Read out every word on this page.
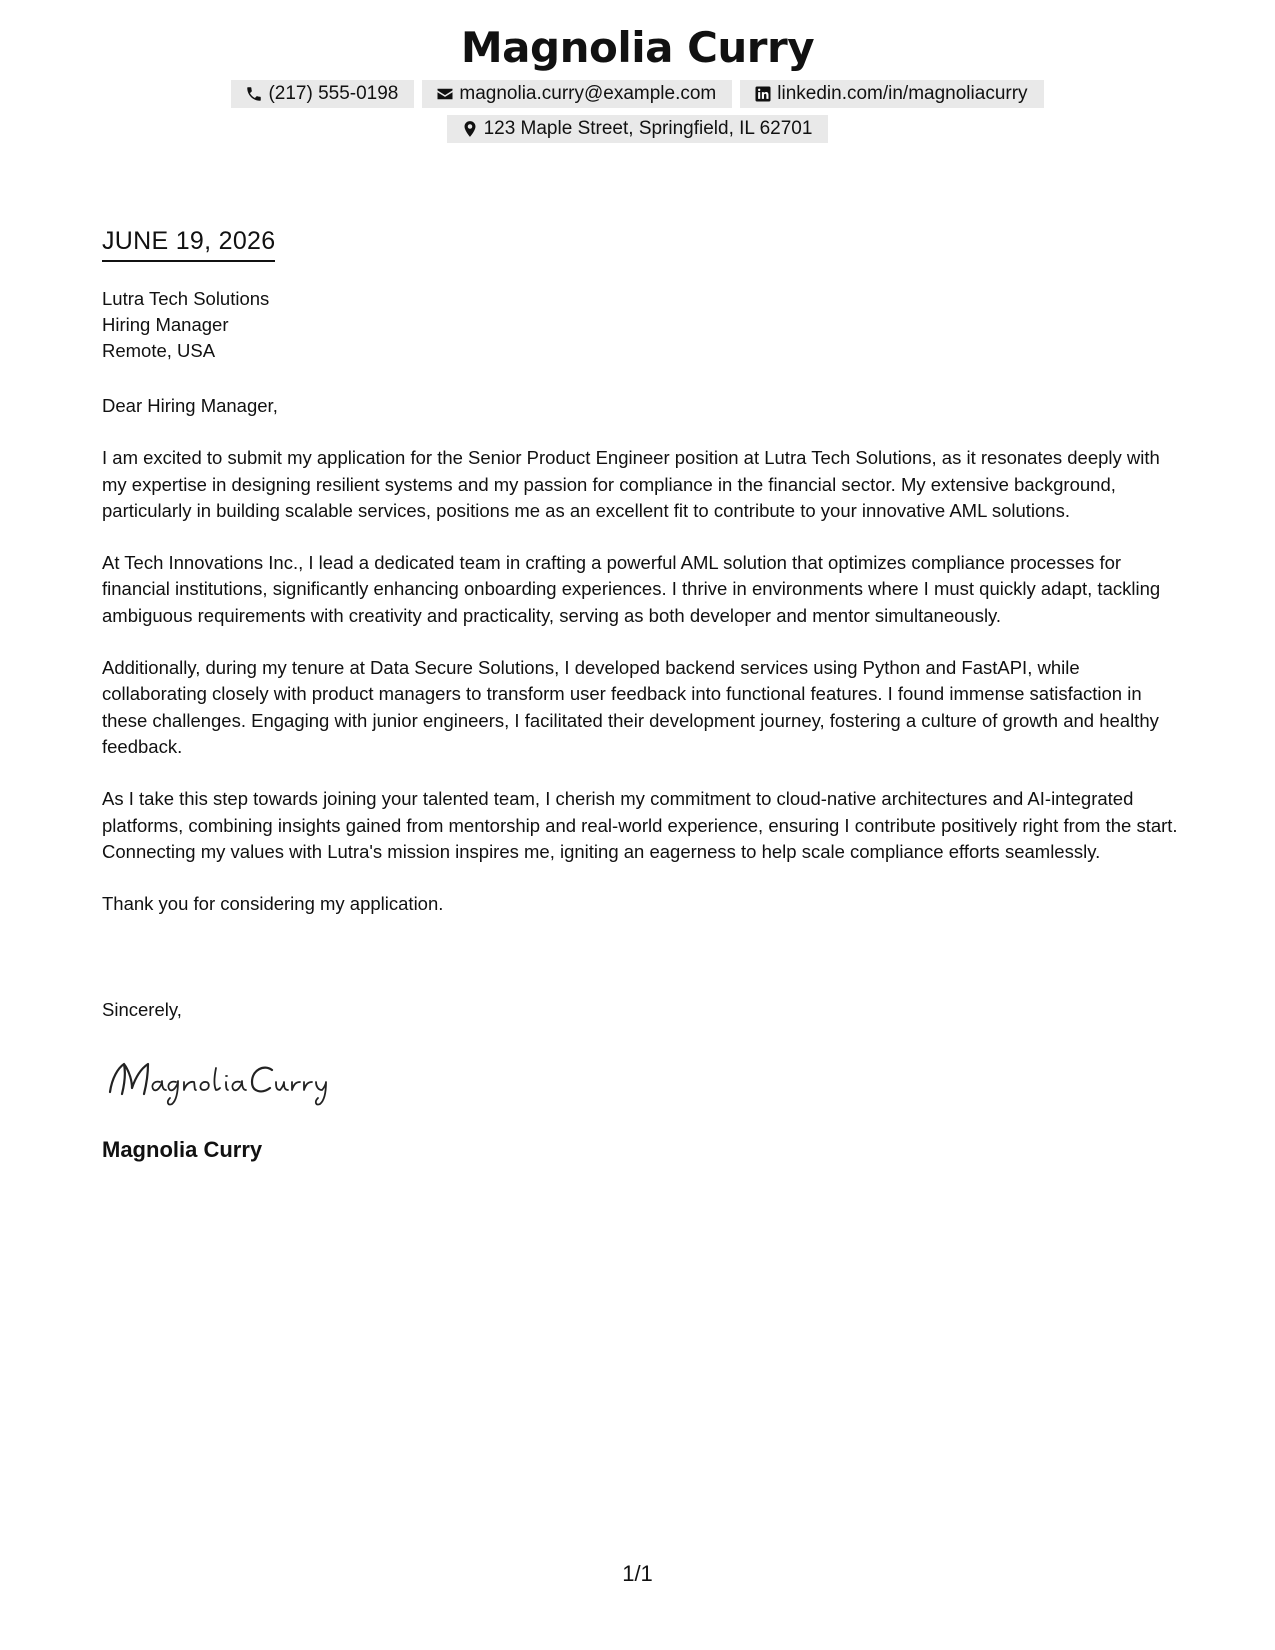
Magnolia Curry
(217) 555-0198	magnolia.curry@example.com	linkedin.com/in/magnoliacurry
123 Maple Street, Springfield, IL 62701
JUNE 19, 2026
Lutra Tech Solutions
Hiring Manager
Remote, USA

Dear Hiring Manager,

I am excited to submit my application for the Senior Product Engineer position at Lutra Tech Solutions, as it resonates deeply with my expertise in designing resilient systems and my passion for compliance in the financial sector. My extensive background, particularly in building scalable services, positions me as an excellent fit to contribute to your innovative AML solutions.

At Tech Innovations Inc., I lead a dedicated team in crafting a powerful AML solution that optimizes compliance processes for financial institutions, significantly enhancing onboarding experiences. I thrive in environments where I must quickly adapt, tackling ambiguous requirements with creativity and practicality, serving as both developer and mentor simultaneously.

Additionally, during my tenure at Data Secure Solutions, I developed backend services using Python and FastAPI, while collaborating closely with product managers to transform user feedback into functional features. I found immense satisfaction in these challenges. Engaging with junior engineers, I facilitated their development journey, fostering a culture of growth and healthy feedback.

As I take this step towards joining your talented team, I cherish my commitment to cloud-native architectures and AI-integrated platforms, combining insights gained from mentorship and real-world experience, ensuring I contribute positively right from the start. Connecting my values with Lutra's mission inspires me, igniting an eagerness to help scale compliance efforts seamlessly.

Thank you for considering my application.

Sincerely,
Magnolia Curry
1/1
